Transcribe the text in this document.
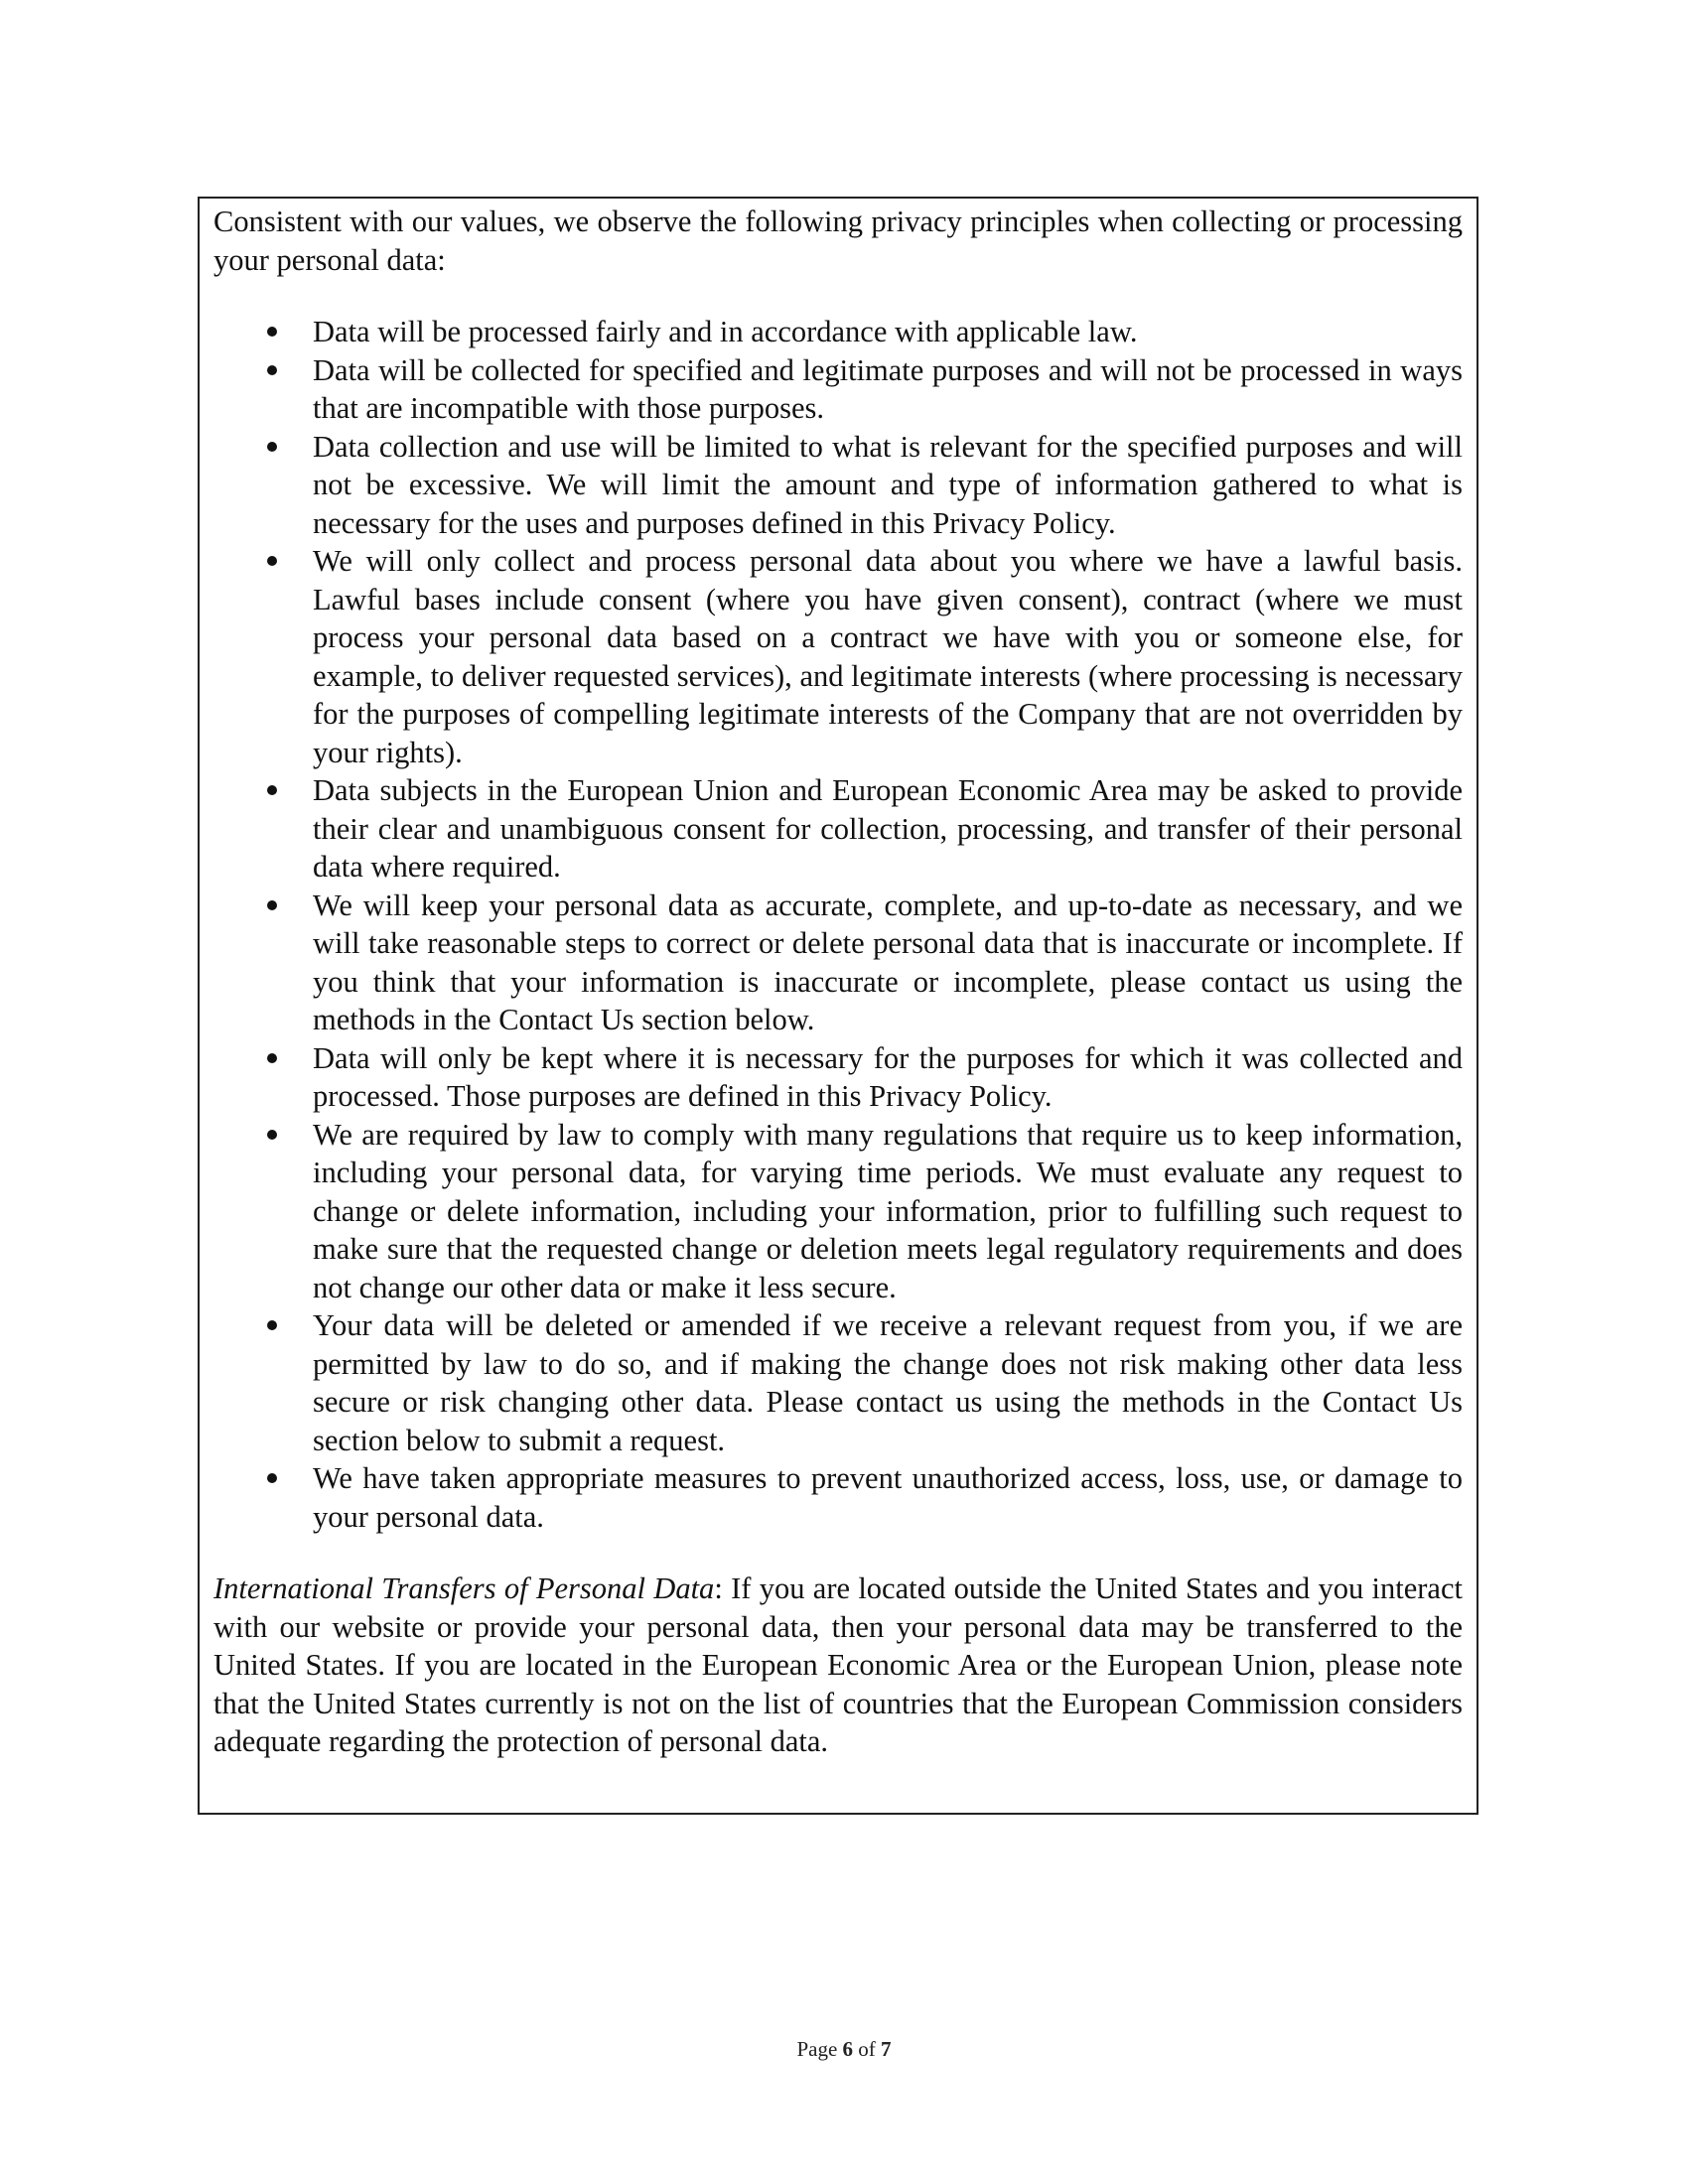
Consistent with our values, we observe the following privacy principles when collecting or processing your personal data:

Data will be processed fairly and in accordance with applicable law.
Data will be collected for specified and legitimate purposes and will not be processed in ways that are incompatible with those purposes.
Data collection and use will be limited to what is relevant for the specified purposes and will not be excessive. We will limit the amount and type of information gathered to what is necessary for the uses and purposes defined in this Privacy Policy.
We will only collect and process personal data about you where we have a lawful basis. Lawful bases include consent (where you have given consent), contract (where we must process your personal data based on a contract we have with you or someone else, for example, to deliver requested services), and legitimate interests (where processing is necessary for the purposes of compelling legitimate interests of the Company that are not overridden by your rights).
Data subjects in the European Union and European Economic Area may be asked to provide their clear and unambiguous consent for collection, processing, and transfer of their personal data where required.
We will keep your personal data as accurate, complete, and up-to-date as necessary, and we will take reasonable steps to correct or delete personal data that is inaccurate or incomplete. If you think that your information is inaccurate or incomplete, please contact us using the methods in the Contact Us section below.
Data will only be kept where it is necessary for the purposes for which it was collected and processed. Those purposes are defined in this Privacy Policy.
We are required by law to comply with many regulations that require us to keep information, including your personal data, for varying time periods. We must evaluate any request to change or delete information, including your information, prior to fulfilling such request to make sure that the requested change or deletion meets legal regulatory requirements and does not change our other data or make it less secure.
Your data will be deleted or amended if we receive a relevant request from you, if we are permitted by law to do so, and if making the change does not risk making other data less secure or risk changing other data. Please contact us using the methods in the Contact Us section below to submit a request.
We have taken appropriate measures to prevent unauthorized access, loss, use, or damage to your personal data.

International Transfers of Personal Data: If you are located outside the United States and you interact with our website or provide your personal data, then your personal data may be transferred to the United States. If you are located in the European Economic Area or the European Union, please note that the United States currently is not on the list of countries that the European Commission considers adequate regarding the protection of personal data.

Page 6 of 7
